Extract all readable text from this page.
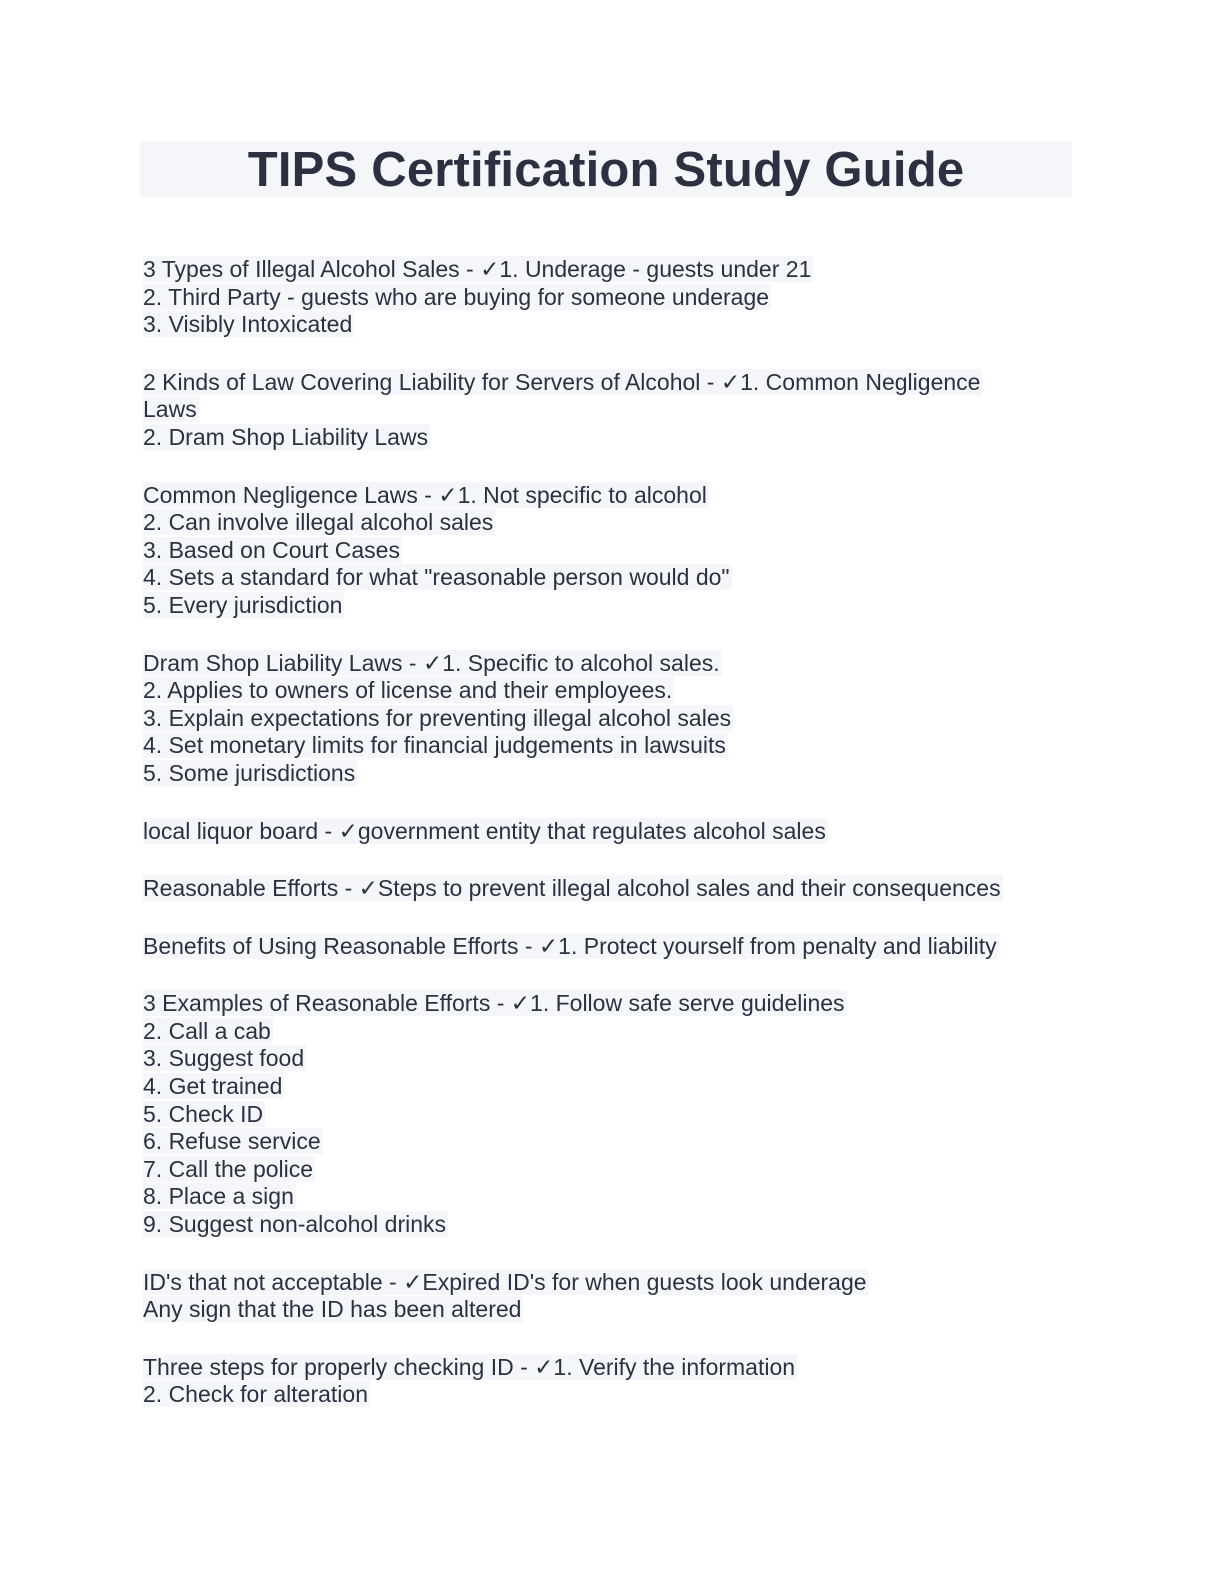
TIPS Certification Study Guide
3 Types of Illegal Alcohol Sales - ✓1. Underage - guests under 21
2. Third Party - guests who are buying for someone underage
3. Visibly Intoxicated
2 Kinds of Law Covering Liability for Servers of Alcohol - ✓1. Common Negligence
Laws
2. Dram Shop Liability Laws
Common Negligence Laws - ✓1. Not specific to alcohol
2. Can involve illegal alcohol sales
3. Based on Court Cases
4. Sets a standard for what "reasonable person would do"
5. Every jurisdiction
Dram Shop Liability Laws - ✓1. Specific to alcohol sales.
2. Applies to owners of license and their employees.
3. Explain expectations for preventing illegal alcohol sales
4. Set monetary limits for financial judgements in lawsuits
5. Some jurisdictions
local liquor board - ✓government entity that regulates alcohol sales
Reasonable Efforts - ✓Steps to prevent illegal alcohol sales and their consequences
Benefits of Using Reasonable Efforts - ✓1. Protect yourself from penalty and liability
3 Examples of Reasonable Efforts - ✓1. Follow safe serve guidelines
2. Call a cab
3. Suggest food
4. Get trained
5. Check ID
6. Refuse service
7. Call the police
8. Place a sign
9. Suggest non-alcohol drinks
ID's that not acceptable - ✓Expired ID's for when guests look underage
Any sign that the ID has been altered
Three steps for properly checking ID - ✓1. Verify the information
2. Check for alteration
